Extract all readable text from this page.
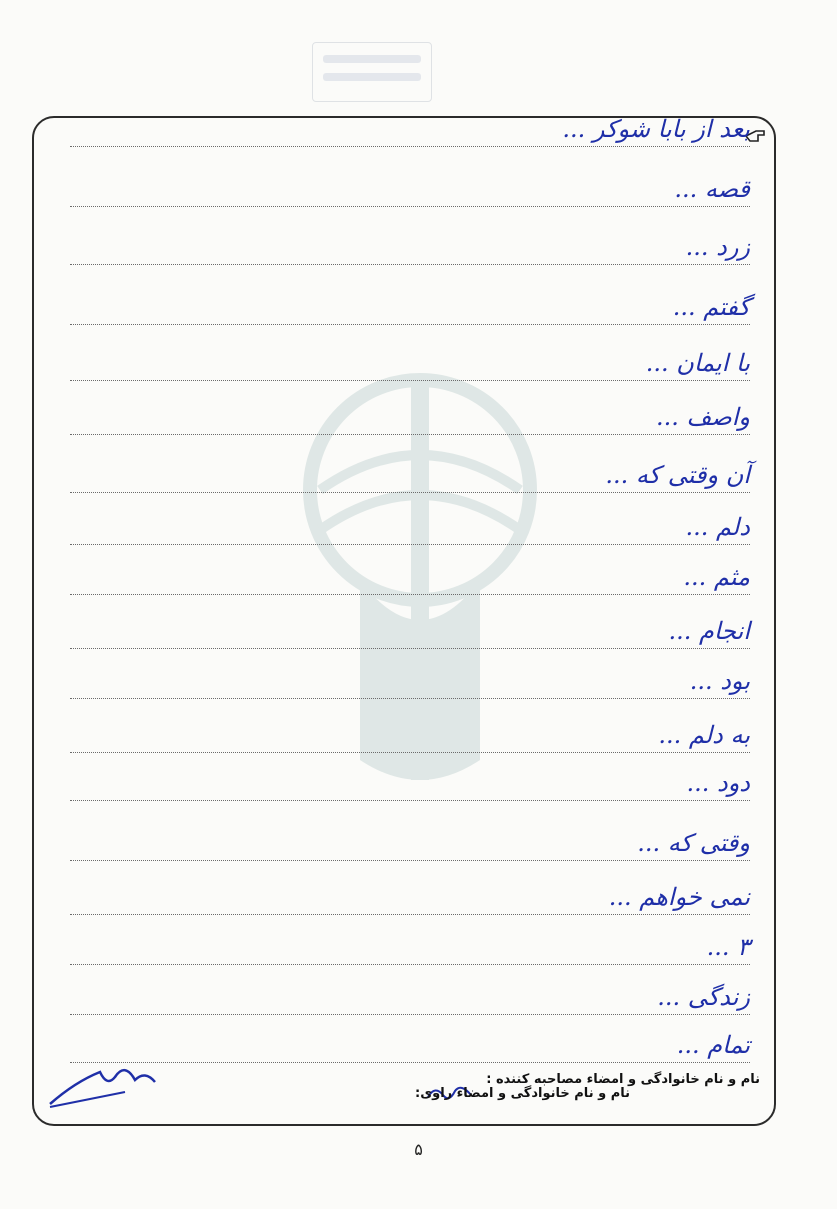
بعد از بابا شوکر ...
قصه ...
زرد ...
گفتم ...
با ایمان ...
واصف ...
آن وقتی که ...
دلم ...
مثم ...
انجام ...
بود ...
به دلم ...
دود ...
وقتی که ...
نمی خواهم ...
۳ ...
زندگی ...
تمام ...
نام و نام خانوادگی و امضاء مصاحبه کننده :
نام و نام خانوادگی و امضاء راوی:
۵
